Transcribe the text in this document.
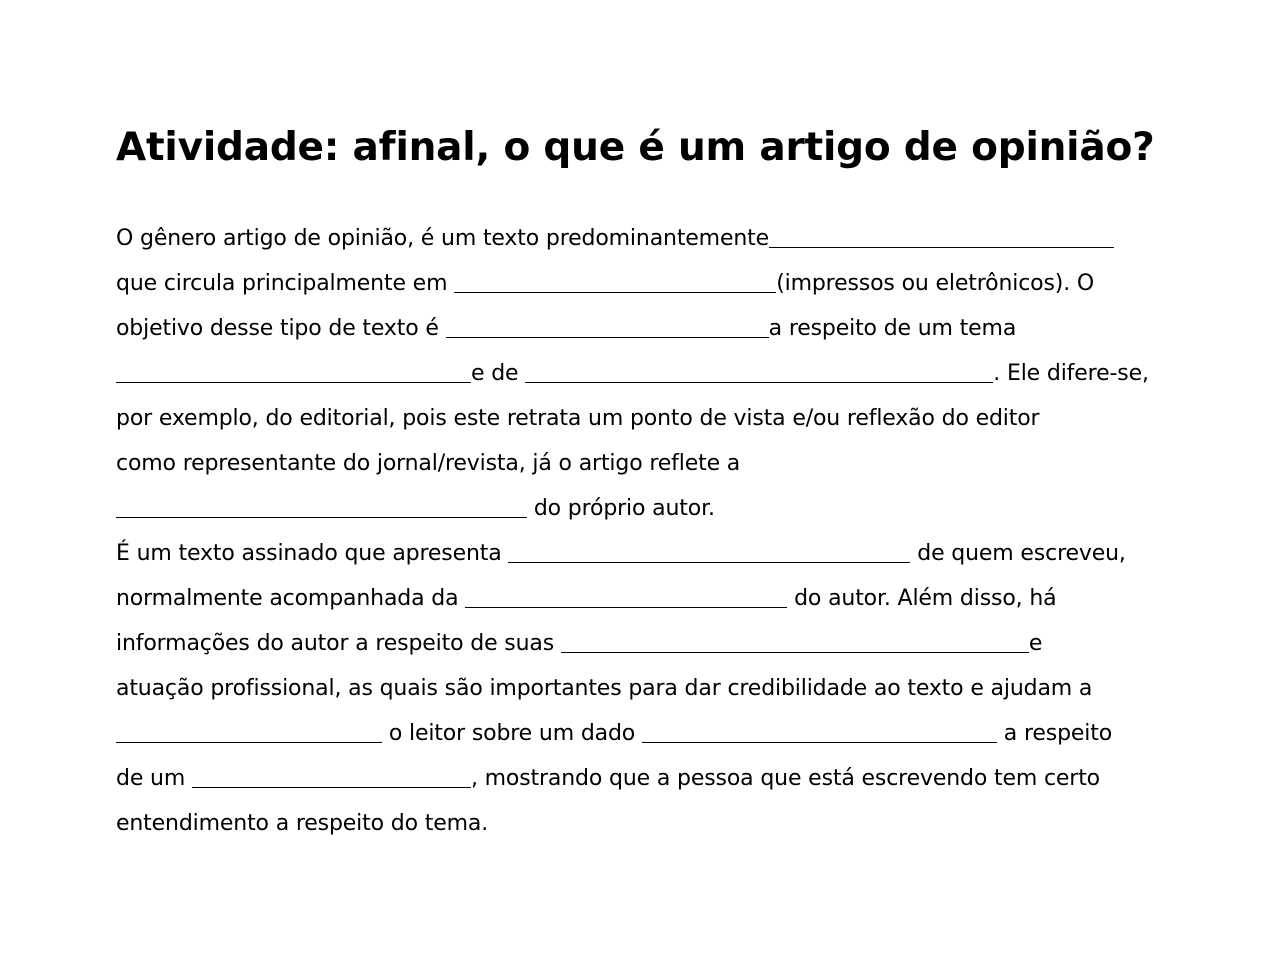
Atividade: afinal, o que é um artigo de opinião?
O gênero artigo de opinião, é um texto predominantemente
que circula principalmente em	(impressos ou eletrônicos). O
objetivo desse tipo de texto é	a respeito de um tema
e de	. Ele difere-se,
por exemplo, do editorial, pois este retrata um ponto de vista e/ou reflexão do editor
como representante do jornal/revista, já o artigo reflete a
do próprio autor.
É um texto assinado que apresenta	de quem escreveu,
normalmente acompanhada da	do autor. Além disso, há
informações do autor a respeito de suas	e
atuação profissional, as quais são importantes para dar credibilidade ao texto e ajudam a
o leitor sobre um dado	a respeito
de um	, mostrando que a pessoa que está escrevendo tem certo
entendimento a respeito do tema.
